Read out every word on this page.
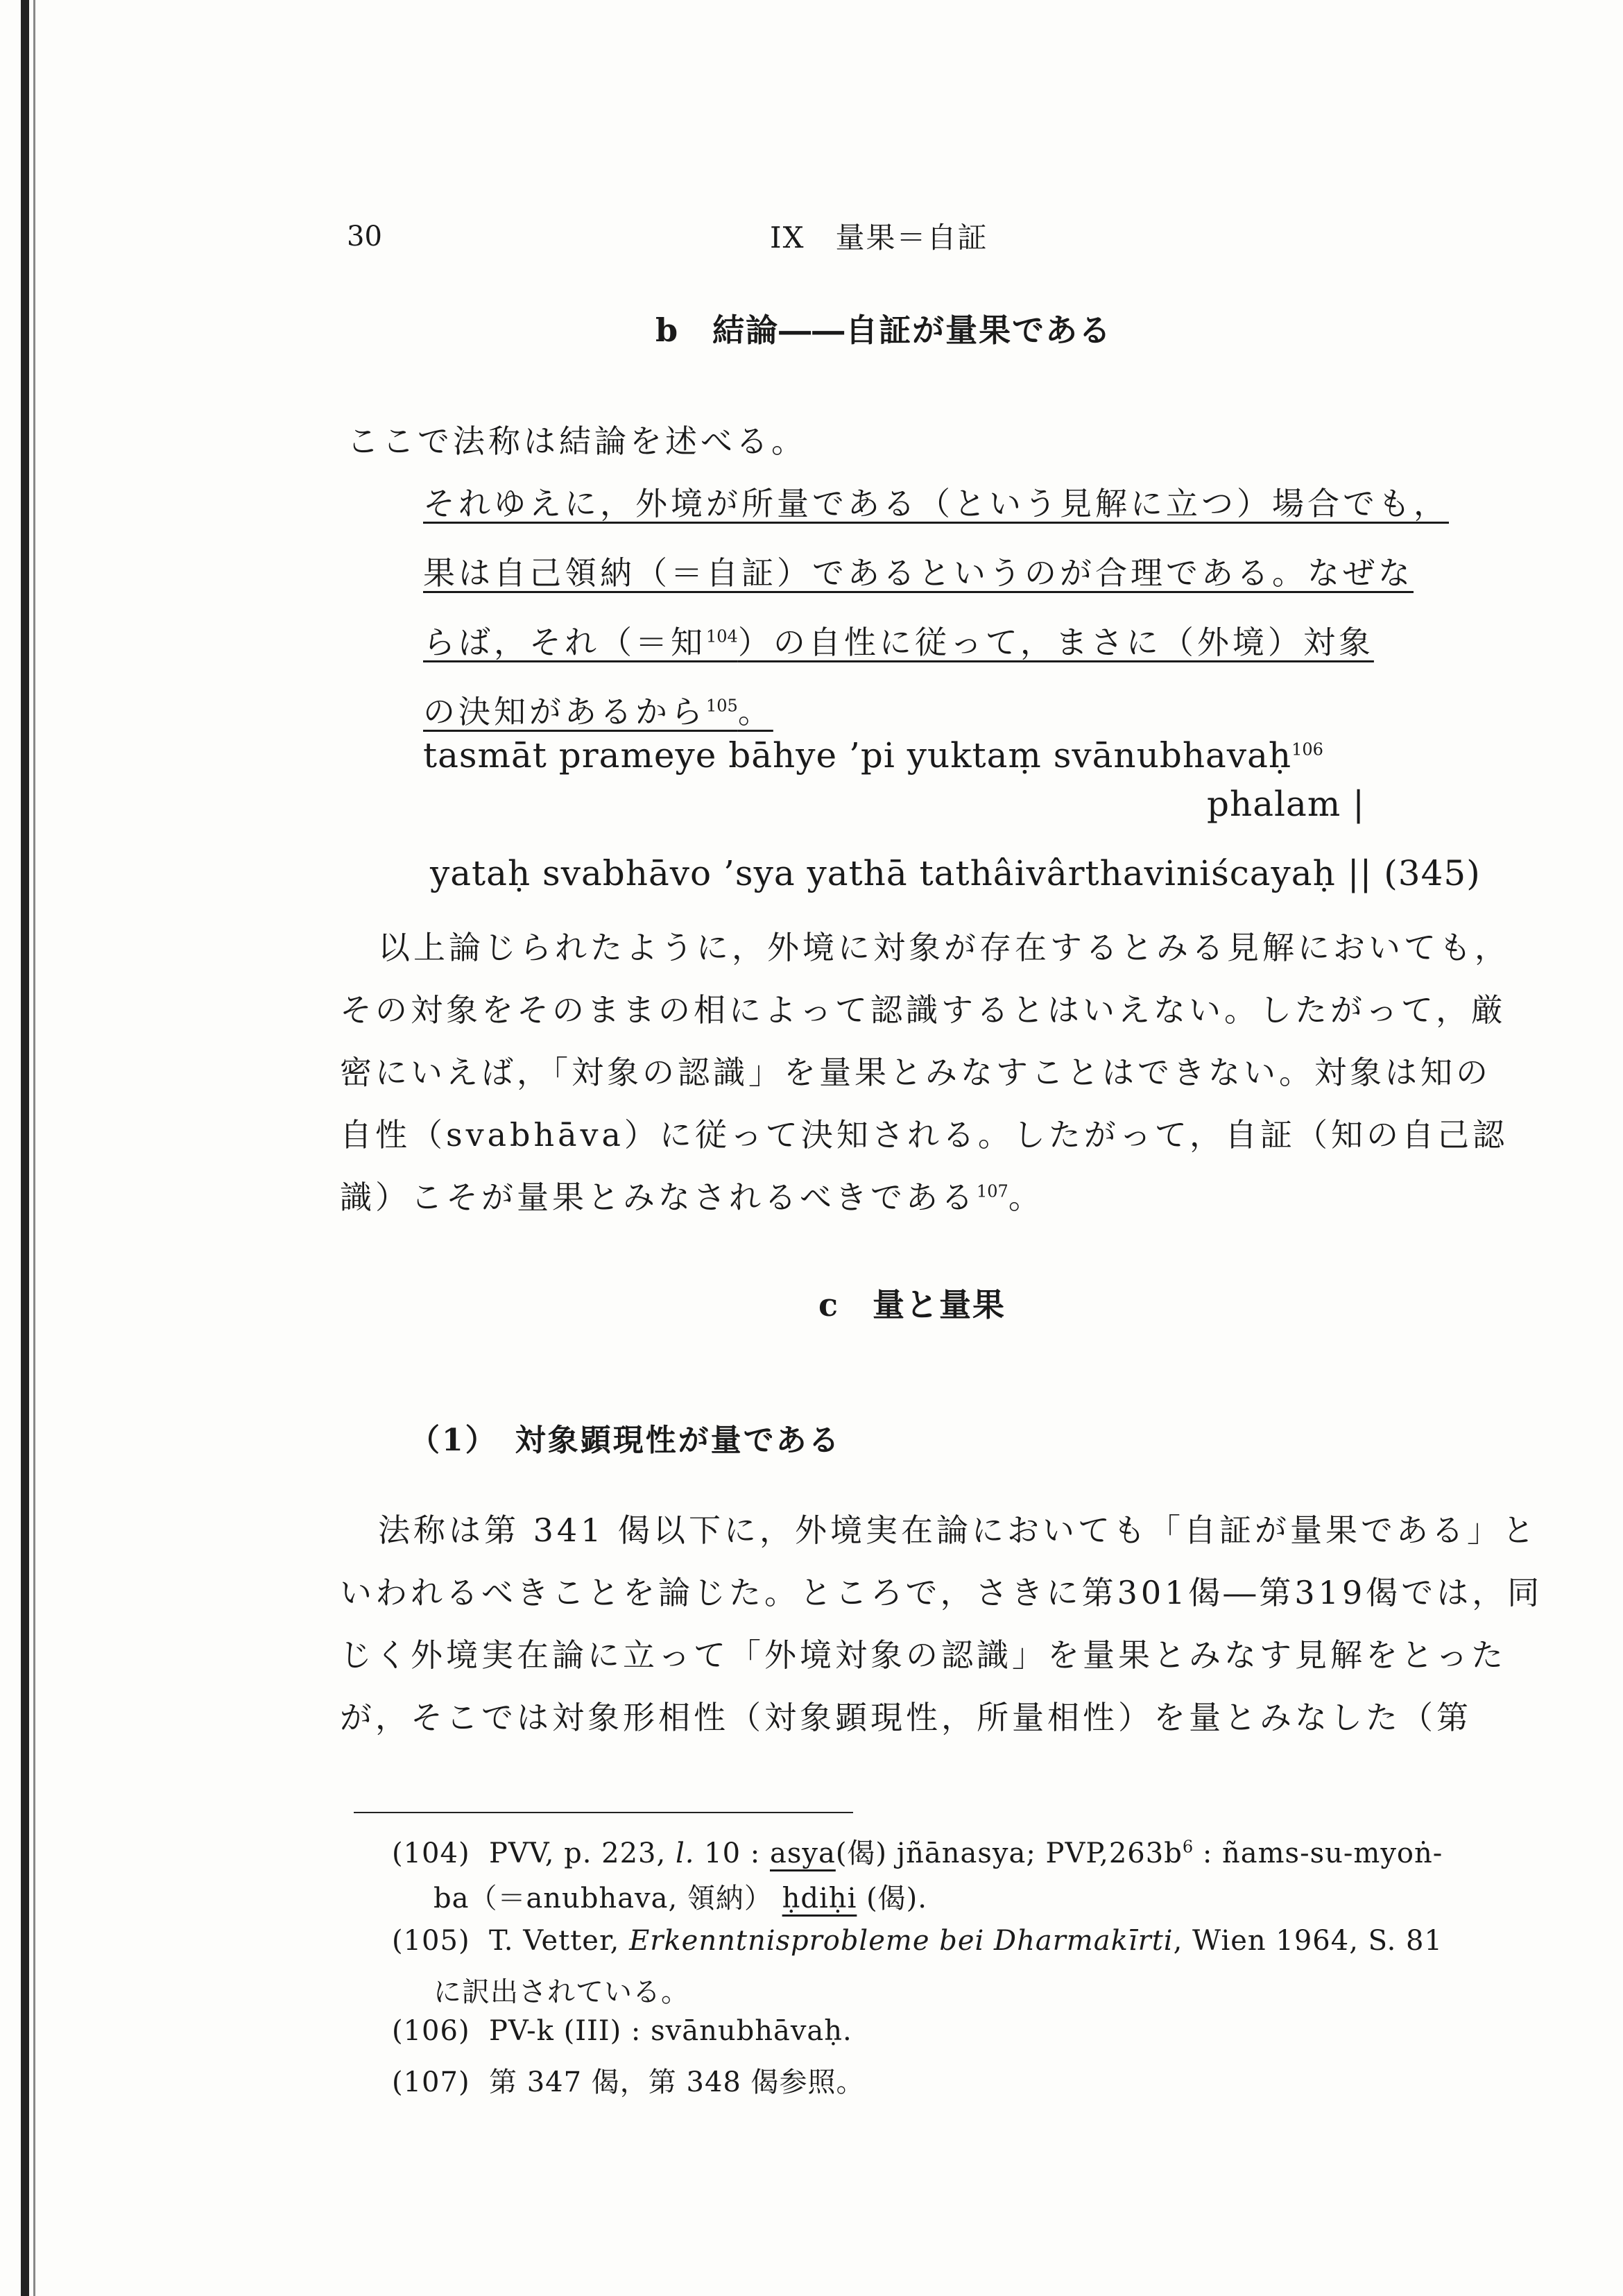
30	IX　量果＝自証
b　 結論――自証が量果である
ここで法称は結論を述べる。
それゆえに，外境が所量である（という見解に立つ）場合でも，
果は自己領納（＝自証）であるというのが合理である。なぜな
らば，それ（＝知$^{104}$）の自性に従って，まさに（外境）対象
の決知があるから$^{105}$。
tasmāt prameye bāhye ’pi yuktaṃ svānubhavaḥ$^{106}$
phalam |
yataḥ svabhāvo ’sya yathā tathâivârthaviniścayaḥ || (345)
以上論じられたように，外境に対象が存在するとみる見解においても，
その対象をそのままの相によって認識するとはいえない。したがって，厳
密にいえば，「対象の認識」を量果とみなすことはできない。対象は知の
自性（svabhāva）に従って決知される。したがって，自証（知の自己認
識）こそが量果とみなされるべきである$^{107}$。
c　 量と量果
（1）　対象顕現性が量である
法称は第 341 偈以下に，外境実在論においても「自証が量果である」と
いわれるべきことを論じた。ところで，さきに第301偈―第319偈では，同
じく外境実在論に立って「外境対象の認識」を量果とみなす見解をとった
が，そこでは対象形相性（対象顕現性，所量相性）を量とみなした（第
(104) PVV, p. 223, l. 10 : asya(偈) jñānasya; $PVP,263b^6$ : ñams-su-myoṅ-
ba（＝anubhava, 領納） ḥdiḥi (偈).
(105) T. Vetter, Erkenntnisprobleme bei Dharmakīrti, Wien 1964, S. 81
に訳出されている。
(106) PV-k (III) : svānubhāvaḥ.
(107) 第 347 偈，第 348 偈参照。
